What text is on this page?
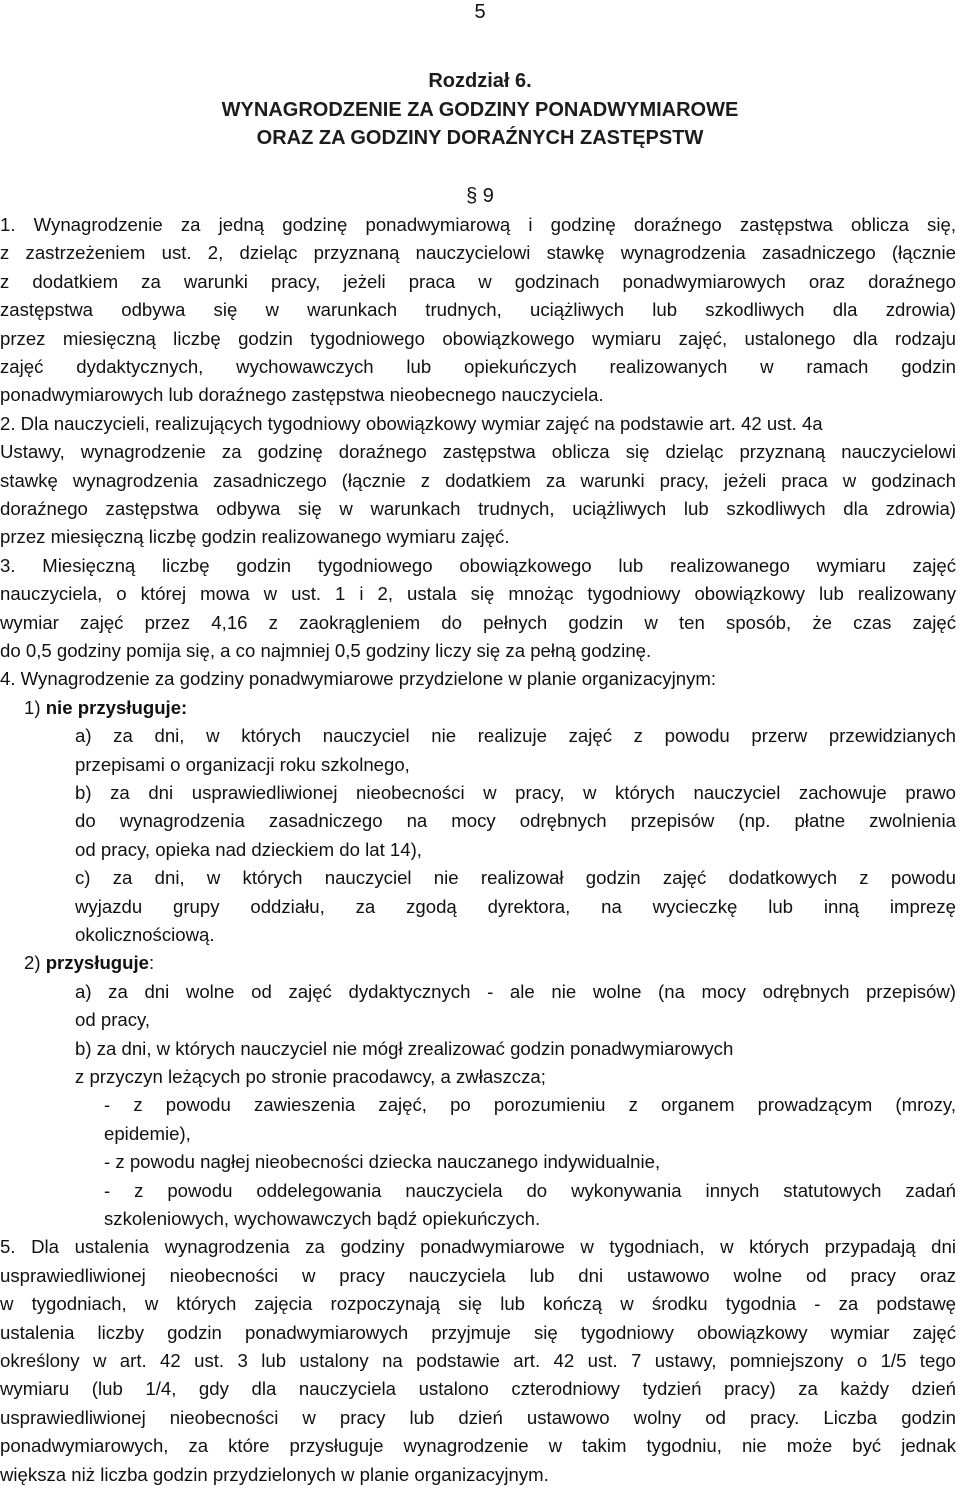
5
Rozdział 6.
WYNAGRODZENIE ZA GODZINY PONADWYMIAROWE
ORAZ ZA GODZINY DORAŹNYCH ZASTĘPSTW
§ 9
1. Wynagrodzenie za jedną godzinę ponadwymiarową i godzinę doraźnego zastępstwa oblicza się,
z zastrzeżeniem ust. 2, dzieląc przyznaną nauczycielowi stawkę wynagrodzenia zasadniczego (łącznie
z dodatkiem za warunki pracy, jeżeli praca w godzinach ponadwymiarowych oraz doraźnego
zastępstwa odbywa się w warunkach trudnych, uciążliwych lub szkodliwych dla zdrowia)
przez miesięczną liczbę godzin tygodniowego obowiązkowego wymiaru zajęć, ustalonego dla rodzaju
zajęć dydaktycznych, wychowawczych lub opiekuńczych realizowanych w ramach godzin
ponadwymiarowych lub doraźnego zastępstwa nieobecnego nauczyciela.
2. Dla nauczycieli, realizujących tygodniowy obowiązkowy wymiar zajęć na podstawie art. 42 ust. 4a
Ustawy, wynagrodzenie za godzinę doraźnego zastępstwa oblicza się dzieląc przyznaną nauczycielowi
stawkę wynagrodzenia zasadniczego (łącznie z dodatkiem za warunki pracy, jeżeli praca w godzinach
doraźnego zastępstwa odbywa się w warunkach trudnych, uciążliwych lub szkodliwych dla zdrowia)
przez miesięczną liczbę godzin realizowanego wymiaru zajęć.
3. Miesięczną liczbę godzin tygodniowego obowiązkowego lub realizowanego wymiaru zajęć
nauczyciela, o której mowa w ust. 1 i 2, ustala się mnożąc tygodniowy obowiązkowy lub realizowany
wymiar zajęć przez 4,16 z zaokrągleniem do pełnych godzin w ten sposób, że czas zajęć
do 0,5 godziny pomija się, a co najmniej 0,5 godziny liczy się za pełną godzinę.
4. Wynagrodzenie za godziny ponadwymiarowe przydzielone w planie organizacyjnym:
1) nie przysługuje:
a) za dni, w których nauczyciel nie realizuje zajęć z powodu przerw przewidzianych
przepisami o organizacji roku szkolnego,
b) za dni usprawiedliwionej nieobecności w pracy, w których nauczyciel zachowuje prawo
do wynagrodzenia zasadniczego na mocy odrębnych przepisów (np. płatne zwolnienia
od pracy, opieka nad dzieckiem do lat 14),
c) za dni, w których nauczyciel nie realizował godzin zajęć dodatkowych z powodu
wyjazdu grupy oddziału, za zgodą dyrektora, na wycieczkę lub inną imprezę
okolicznościową.
2) przysługuje:
a) za dni wolne od zajęć dydaktycznych - ale nie wolne (na mocy odrębnych przepisów)
od pracy,
b) za dni, w których nauczyciel nie mógł zrealizować godzin ponadwymiarowych
z przyczyn leżących po stronie pracodawcy, a zwłaszcza;
- z powodu zawieszenia zajęć, po porozumieniu z organem prowadzącym (mrozy,
epidemie),
- z powodu nagłej nieobecności dziecka nauczanego indywidualnie,
- z powodu oddelegowania nauczyciela do wykonywania innych statutowych zadań
szkoleniowych, wychowawczych bądź opiekuńczych.
5. Dla ustalenia wynagrodzenia za godziny ponadwymiarowe w tygodniach, w których przypadają dni
usprawiedliwionej nieobecności w pracy nauczyciela lub dni ustawowo wolne od pracy oraz
w tygodniach, w których zajęcia rozpoczynają się lub kończą w środku tygodnia - za podstawę
ustalenia liczby godzin ponadwymiarowych przyjmuje się tygodniowy obowiązkowy wymiar zajęć
określony w art. 42 ust. 3 lub ustalony na podstawie art. 42 ust. 7 ustawy, pomniejszony o 1/5 tego
wymiaru (lub 1/4, gdy dla nauczyciela ustalono czterodniowy tydzień pracy) za każdy dzień
usprawiedliwionej nieobecności w pracy lub dzień ustawowo wolny od pracy. Liczba godzin
ponadwymiarowych, za które przysługuje wynagrodzenie w takim tygodniu, nie może być jednak
większa niż liczba godzin przydzielonych w planie organizacyjnym.
